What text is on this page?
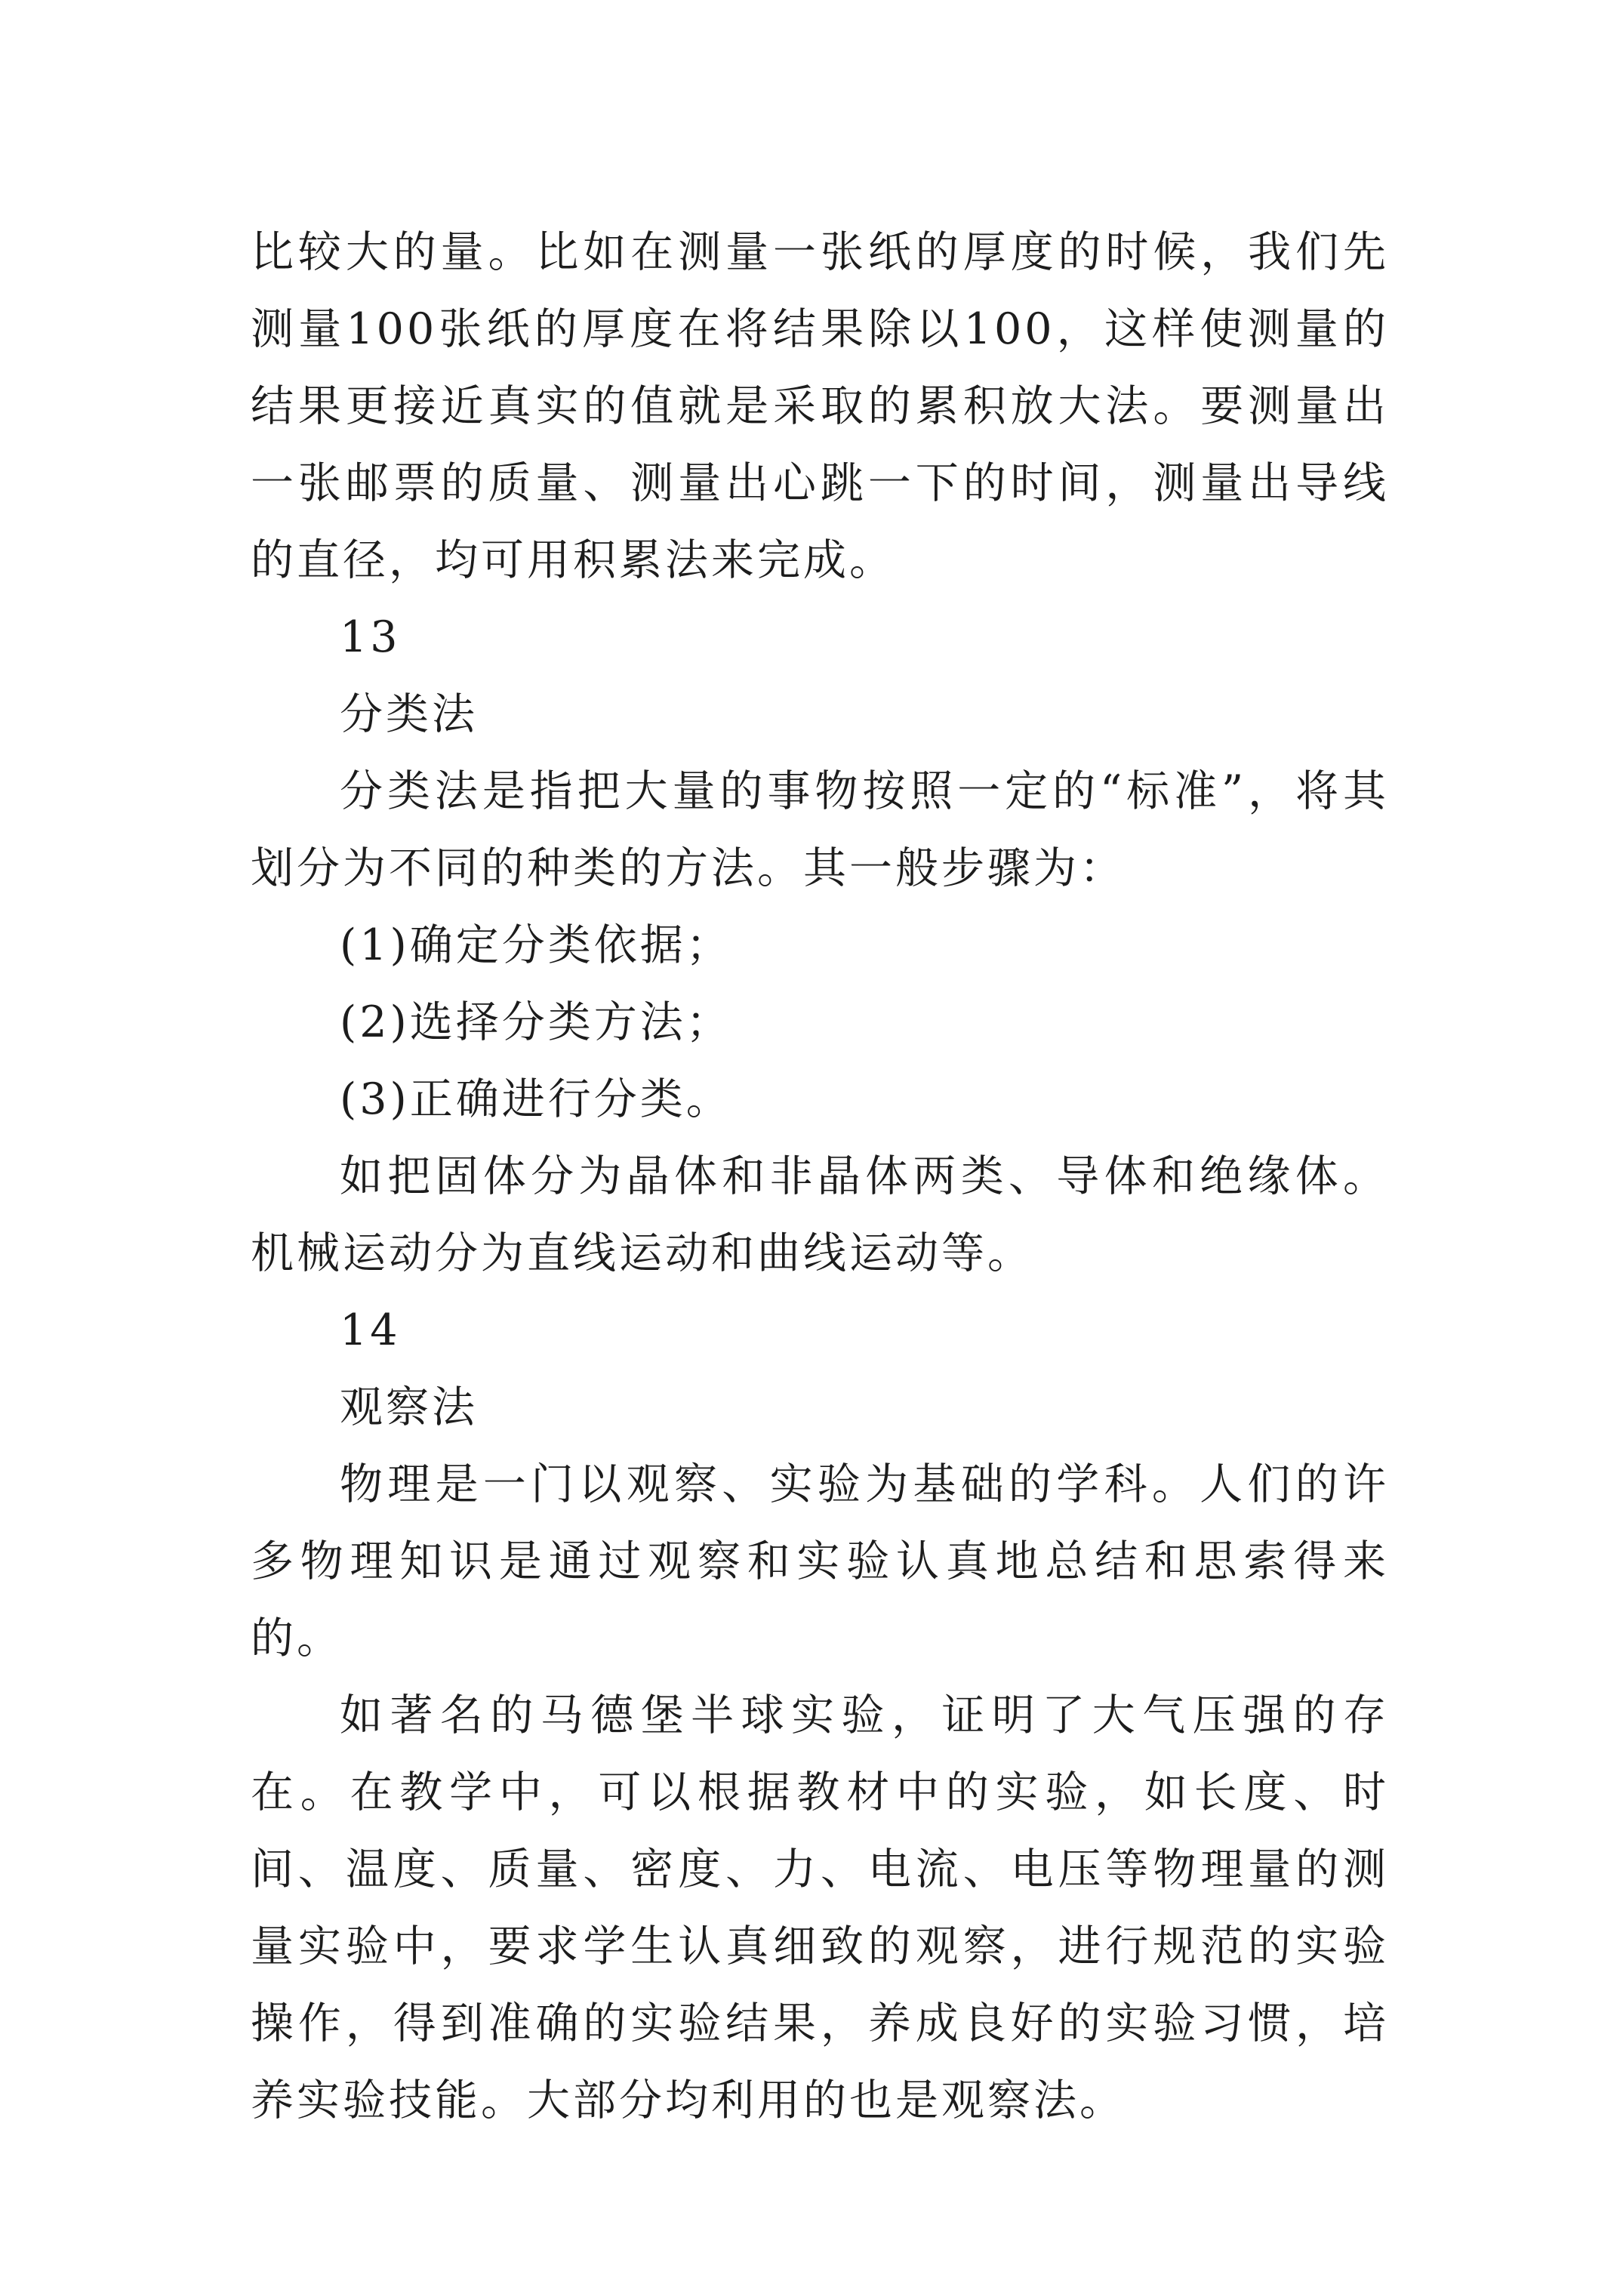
比较大的量。比如在测量一张纸的厚度的时候，我们先测量100张纸的厚度在将结果除以100，这样使测量的结果更接近真实的值就是采取的累积放大法。要测量出一张邮票的质量、测量出心跳一下的时间，测量出导线的直径，均可用积累法来完成。

13

分类法

分类法是指把大量的事物按照一定的“标准”，将其划分为不同的种类的方法。其一般步骤为：

(1)确定分类依据；

(2)选择分类方法；

(3)正确进行分类。

如把固体分为晶体和非晶体两类、导体和绝缘体。机械运动分为直线运动和曲线运动等。

14

观察法

物理是一门以观察、实验为基础的学科。人们的许多物理知识是通过观察和实验认真地总结和思索得来的。

如著名的马德堡半球实验，证明了大气压强的存在。在教学中，可以根据教材中的实验，如长度、时间、温度、质量、密度、力、电流、电压等物理量的测量实验中，要求学生认真细致的观察，进行规范的实验操作，得到准确的实验结果，养成良好的实验习惯，培养实验技能。大部分均利用的也是观察法。
